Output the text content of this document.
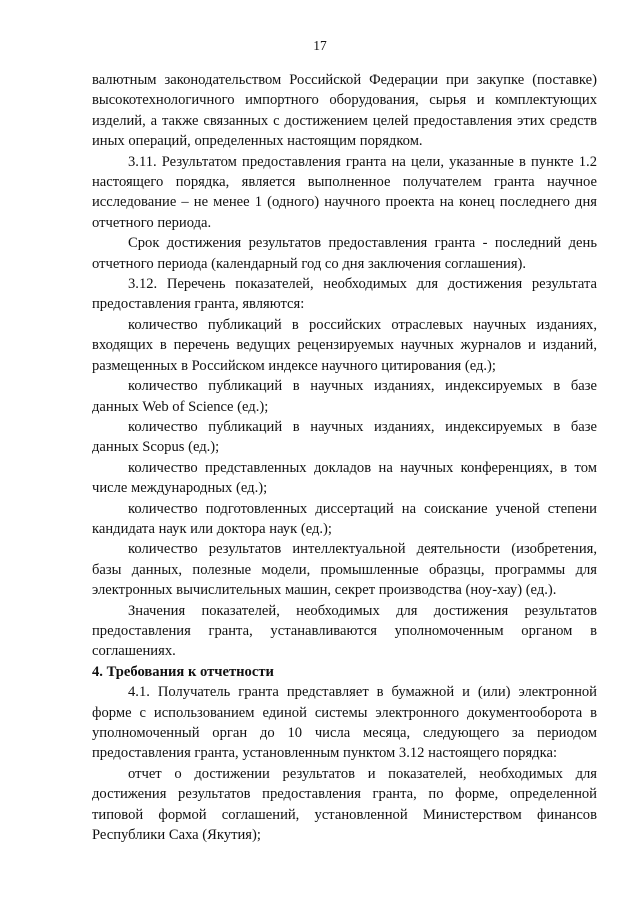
17

валютным законодательством Российской Федерации при закупке (поставке) высокотехнологичного импортного оборудования, сырья и комплектующих изделий, а также связанных с достижением целей предоставления этих средств иных операций, определенных настоящим порядком.

3.11. Результатом предоставления гранта на цели, указанные в пункте 1.2 настоящего порядка, является выполненное получателем гранта научное исследование – не менее 1 (одного) научного проекта на конец последнего дня отчетного периода.

Срок достижения результатов предоставления гранта - последний день отчетного периода (календарный год со дня заключения соглашения).

3.12. Перечень показателей, необходимых для достижения результата предоставления гранта, являются:

количество публикаций в российских отраслевых научных изданиях, входящих в перечень ведущих рецензируемых научных журналов и изданий, размещенных в Российском индексе научного цитирования (ед.);

количество публикаций в научных изданиях, индексируемых в базе данных Web of Science (ед.);

количество публикаций в научных изданиях, индексируемых в базе данных Scopus (ед.);

количество представленных докладов на научных конференциях, в том числе международных (ед.);

количество подготовленных диссертаций на соискание ученой степени кандидата наук или доктора наук (ед.);

количество результатов интеллектуальной деятельности (изобретения, базы данных, полезные модели, промышленные образцы, программы для электронных вычислительных машин, секрет производства (ноу-хау) (ед.).

Значения показателей, необходимых для достижения результатов предоставления гранта, устанавливаются уполномоченным органом в соглашениях.

4. Требования к отчетности

4.1. Получатель гранта представляет в бумажной и (или) электронной форме с использованием единой системы электронного документооборота в уполномоченный орган до 10 числа месяца, следующего за периодом предоставления гранта, установленным пунктом 3.12 настоящего порядка:

отчет о достижении результатов и показателей, необходимых для достижения результатов предоставления гранта, по форме, определенной типовой формой соглашений, установленной Министерством финансов Республики Саха (Якутия);
